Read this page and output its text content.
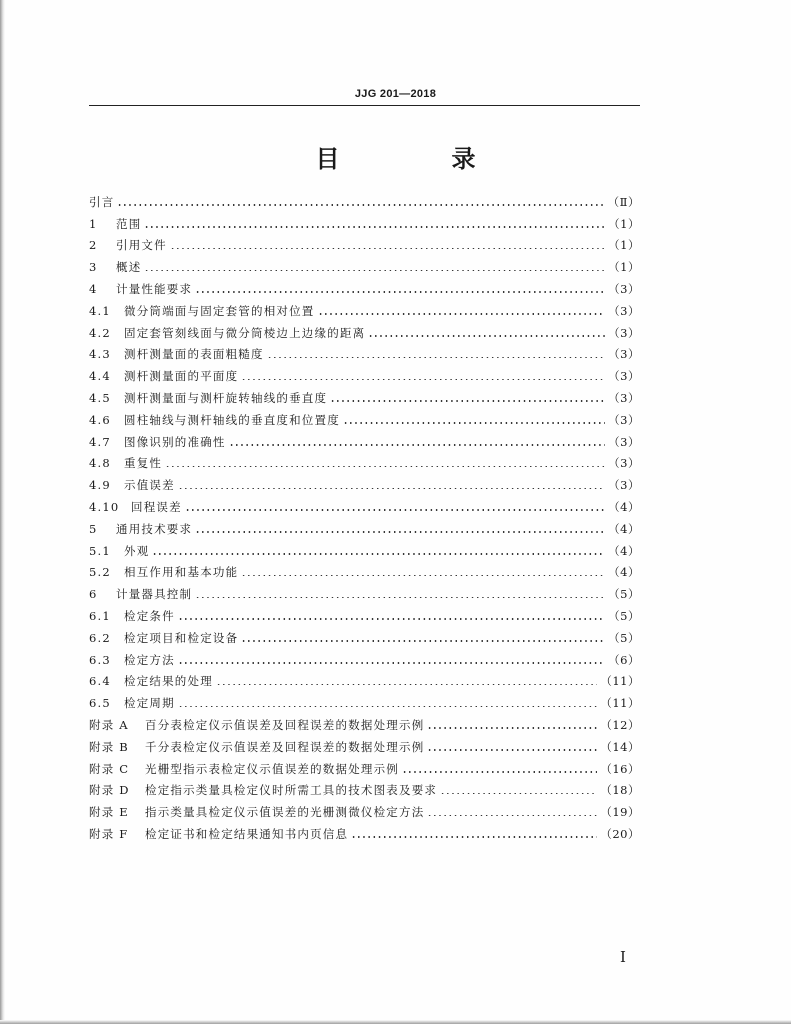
JJG 201—2018
目　录
引言	（Ⅱ）
1 范围	（1）
2 引用文件	（1）
3 概述	（1）
4 计量性能要求	（3）
4.1 微分筒端面与固定套管的相对位置	（3）
4.2 固定套管刻线面与微分筒棱边上边缘的距离	（3）
4.3 测杆测量面的表面粗糙度	（3）
4.4 测杆测量面的平面度	（3）
4.5 测杆测量面与测杆旋转轴线的垂直度	（3）
4.6 圆柱轴线与测杆轴线的垂直度和位置度	（3）
4.7 图像识别的准确性	（3）
4.8 重复性	（3）
4.9 示值误差	（3）
4.10 回程误差	（4）
5 通用技术要求	（4）
5.1 外观	（4）
5.2 相互作用和基本功能	（4）
6 计量器具控制	（5）
6.1 检定条件	（5）
6.2 检定项目和检定设备	（5）
6.3 检定方法	（6）
6.4 检定结果的处理	（11）
6.5 检定周期	（11）
附录 A 百分表检定仪示值误差及回程误差的数据处理示例	（12）
附录 B 千分表检定仪示值误差及回程误差的数据处理示例	（14）
附录 C 光栅型指示表检定仪示值误差的数据处理示例	（16）
附录 D 检定指示类量具检定仪时所需工具的技术图表及要求	（18）
附录 E 指示类量具检定仪示值误差的光栅测微仪检定方法	（19）
附录 F 检定证书和检定结果通知书内页信息	（20）
Ⅰ
